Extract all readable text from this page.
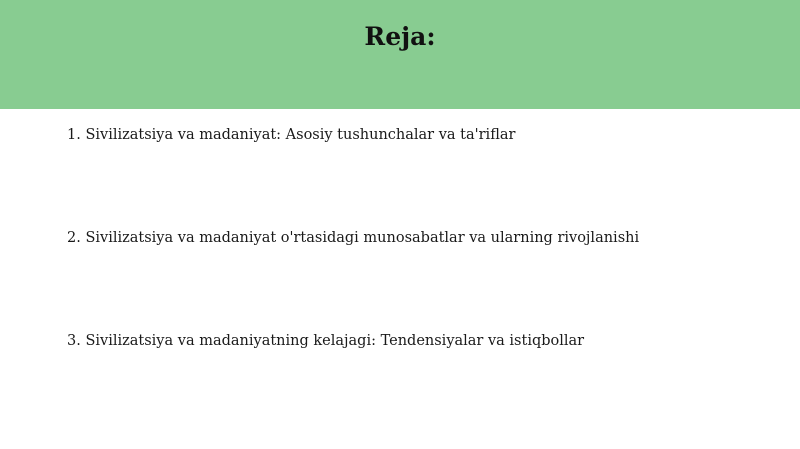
Reja:
1. Sivilizatsiya va madaniyat: Asosiy tushunchalar va ta'riflar
2. Sivilizatsiya va madaniyat o'rtasidagi munosabatlar va ularning rivojlanishi
3. Sivilizatsiya va madaniyatning kelajagi: Tendensiyalar va istiqbollar
